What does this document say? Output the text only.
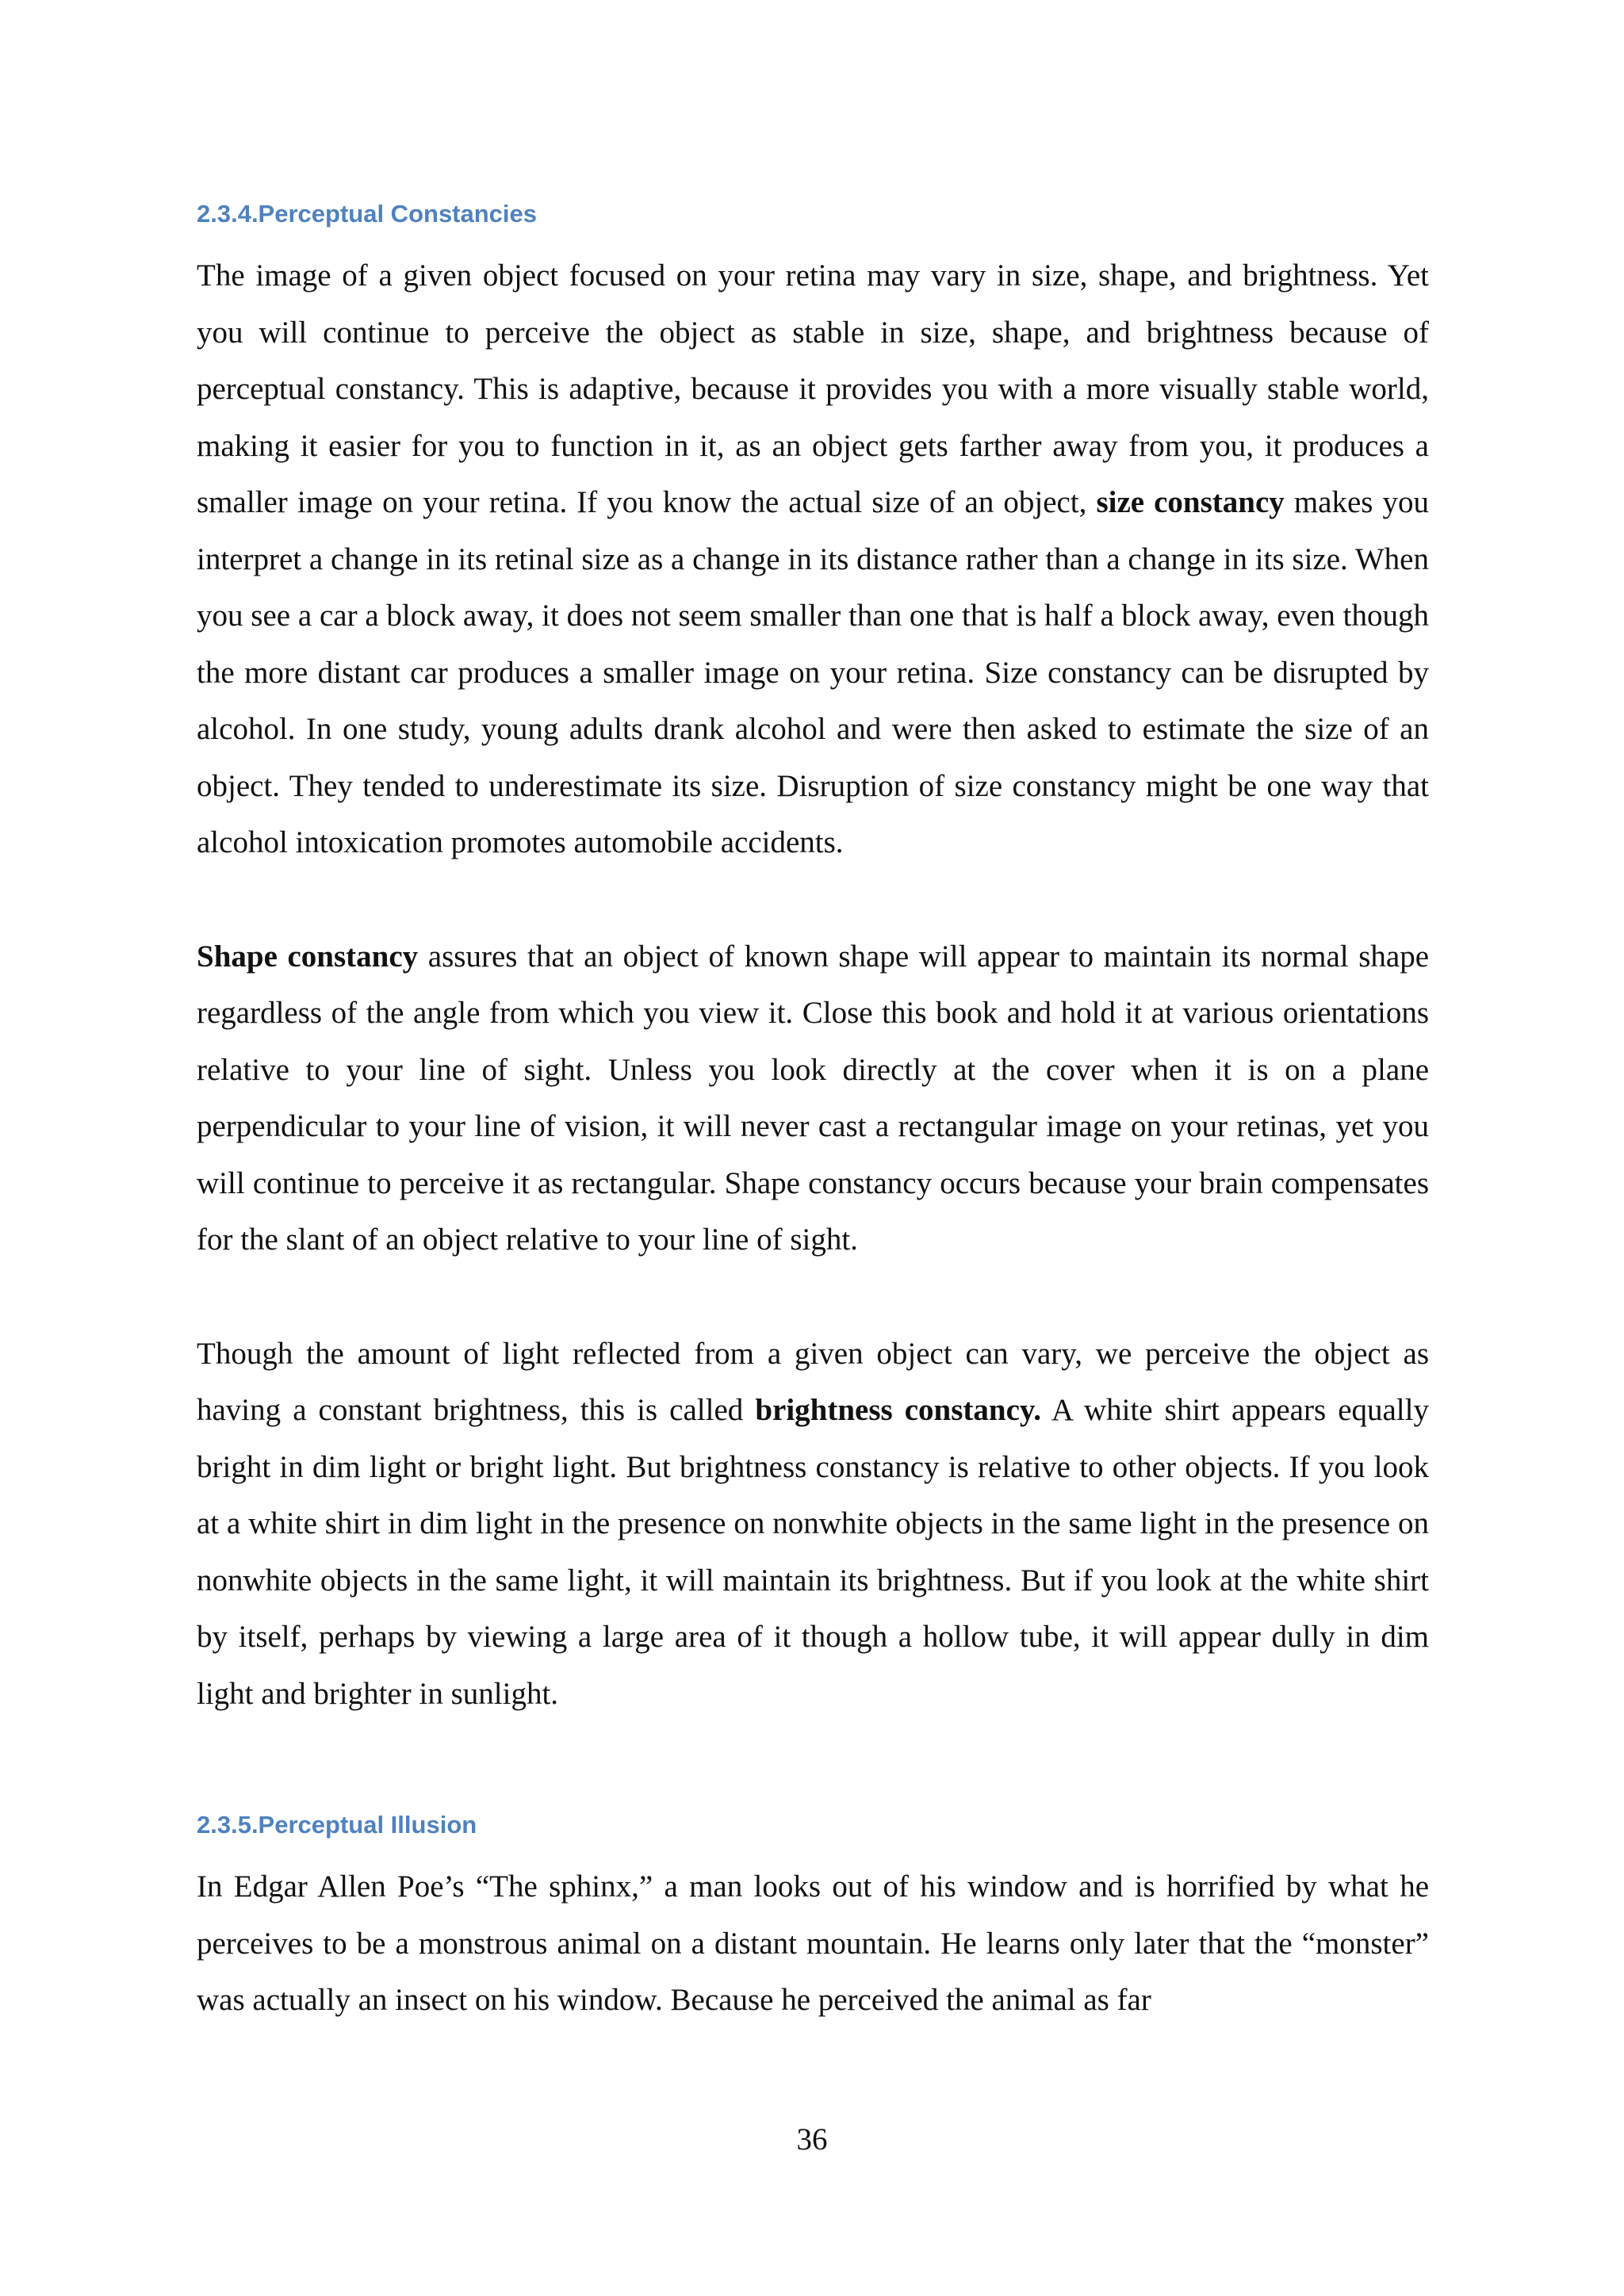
2.3.4.Perceptual Constancies

The image of a given object focused on your retina may vary in size, shape, and brightness. Yet you will continue to perceive the object as stable in size, shape, and brightness because of perceptual constancy. This is adaptive, because it provides you with a more visually stable world, making it easier for you to function in it, as an object gets farther away from you, it produces a smaller image on your retina. If you know the actual size of an object, size constancy makes you interpret a change in its retinal size as a change in its distance rather than a change in its size. When you see a car a block away, it does not seem smaller than one that is half a block away, even though the more distant car produces a smaller image on your retina. Size constancy can be disrupted by alcohol. In one study, young adults drank alcohol and were then asked to estimate the size of an object. They tended to underestimate its size. Disruption of size constancy might be one way that alcohol intoxication promotes automobile accidents.

Shape constancy assures that an object of known shape will appear to maintain its normal shape regardless of the angle from which you view it. Close this book and hold it at various orientations relative to your line of sight. Unless you look directly at the cover when it is on a plane perpendicular to your line of vision, it will never cast a rectangular image on your retinas, yet you will continue to perceive it as rectangular. Shape constancy occurs because your brain compensates for the slant of an object relative to your line of sight.

Though the amount of light reflected from a given object can vary, we perceive the object as having a constant brightness, this is called brightness constancy. A white shirt appears equally bright in dim light or bright light. But brightness constancy is relative to other objects. If you look at a white shirt in dim light in the presence on nonwhite objects in the same light in the presence on nonwhite objects in the same light, it will maintain its brightness. But if you look at the white shirt by itself, perhaps by viewing a large area of it though a hollow tube, it will appear dully in dim light and brighter in sunlight.

2.3.5.Perceptual Illusion

In Edgar Allen Poe’s “The sphinx,” a man looks out of his window and is horrified by what he perceives to be a monstrous animal on a distant mountain. He learns only later that the “monster” was actually an insect on his window. Because he perceived the animal as far

36
